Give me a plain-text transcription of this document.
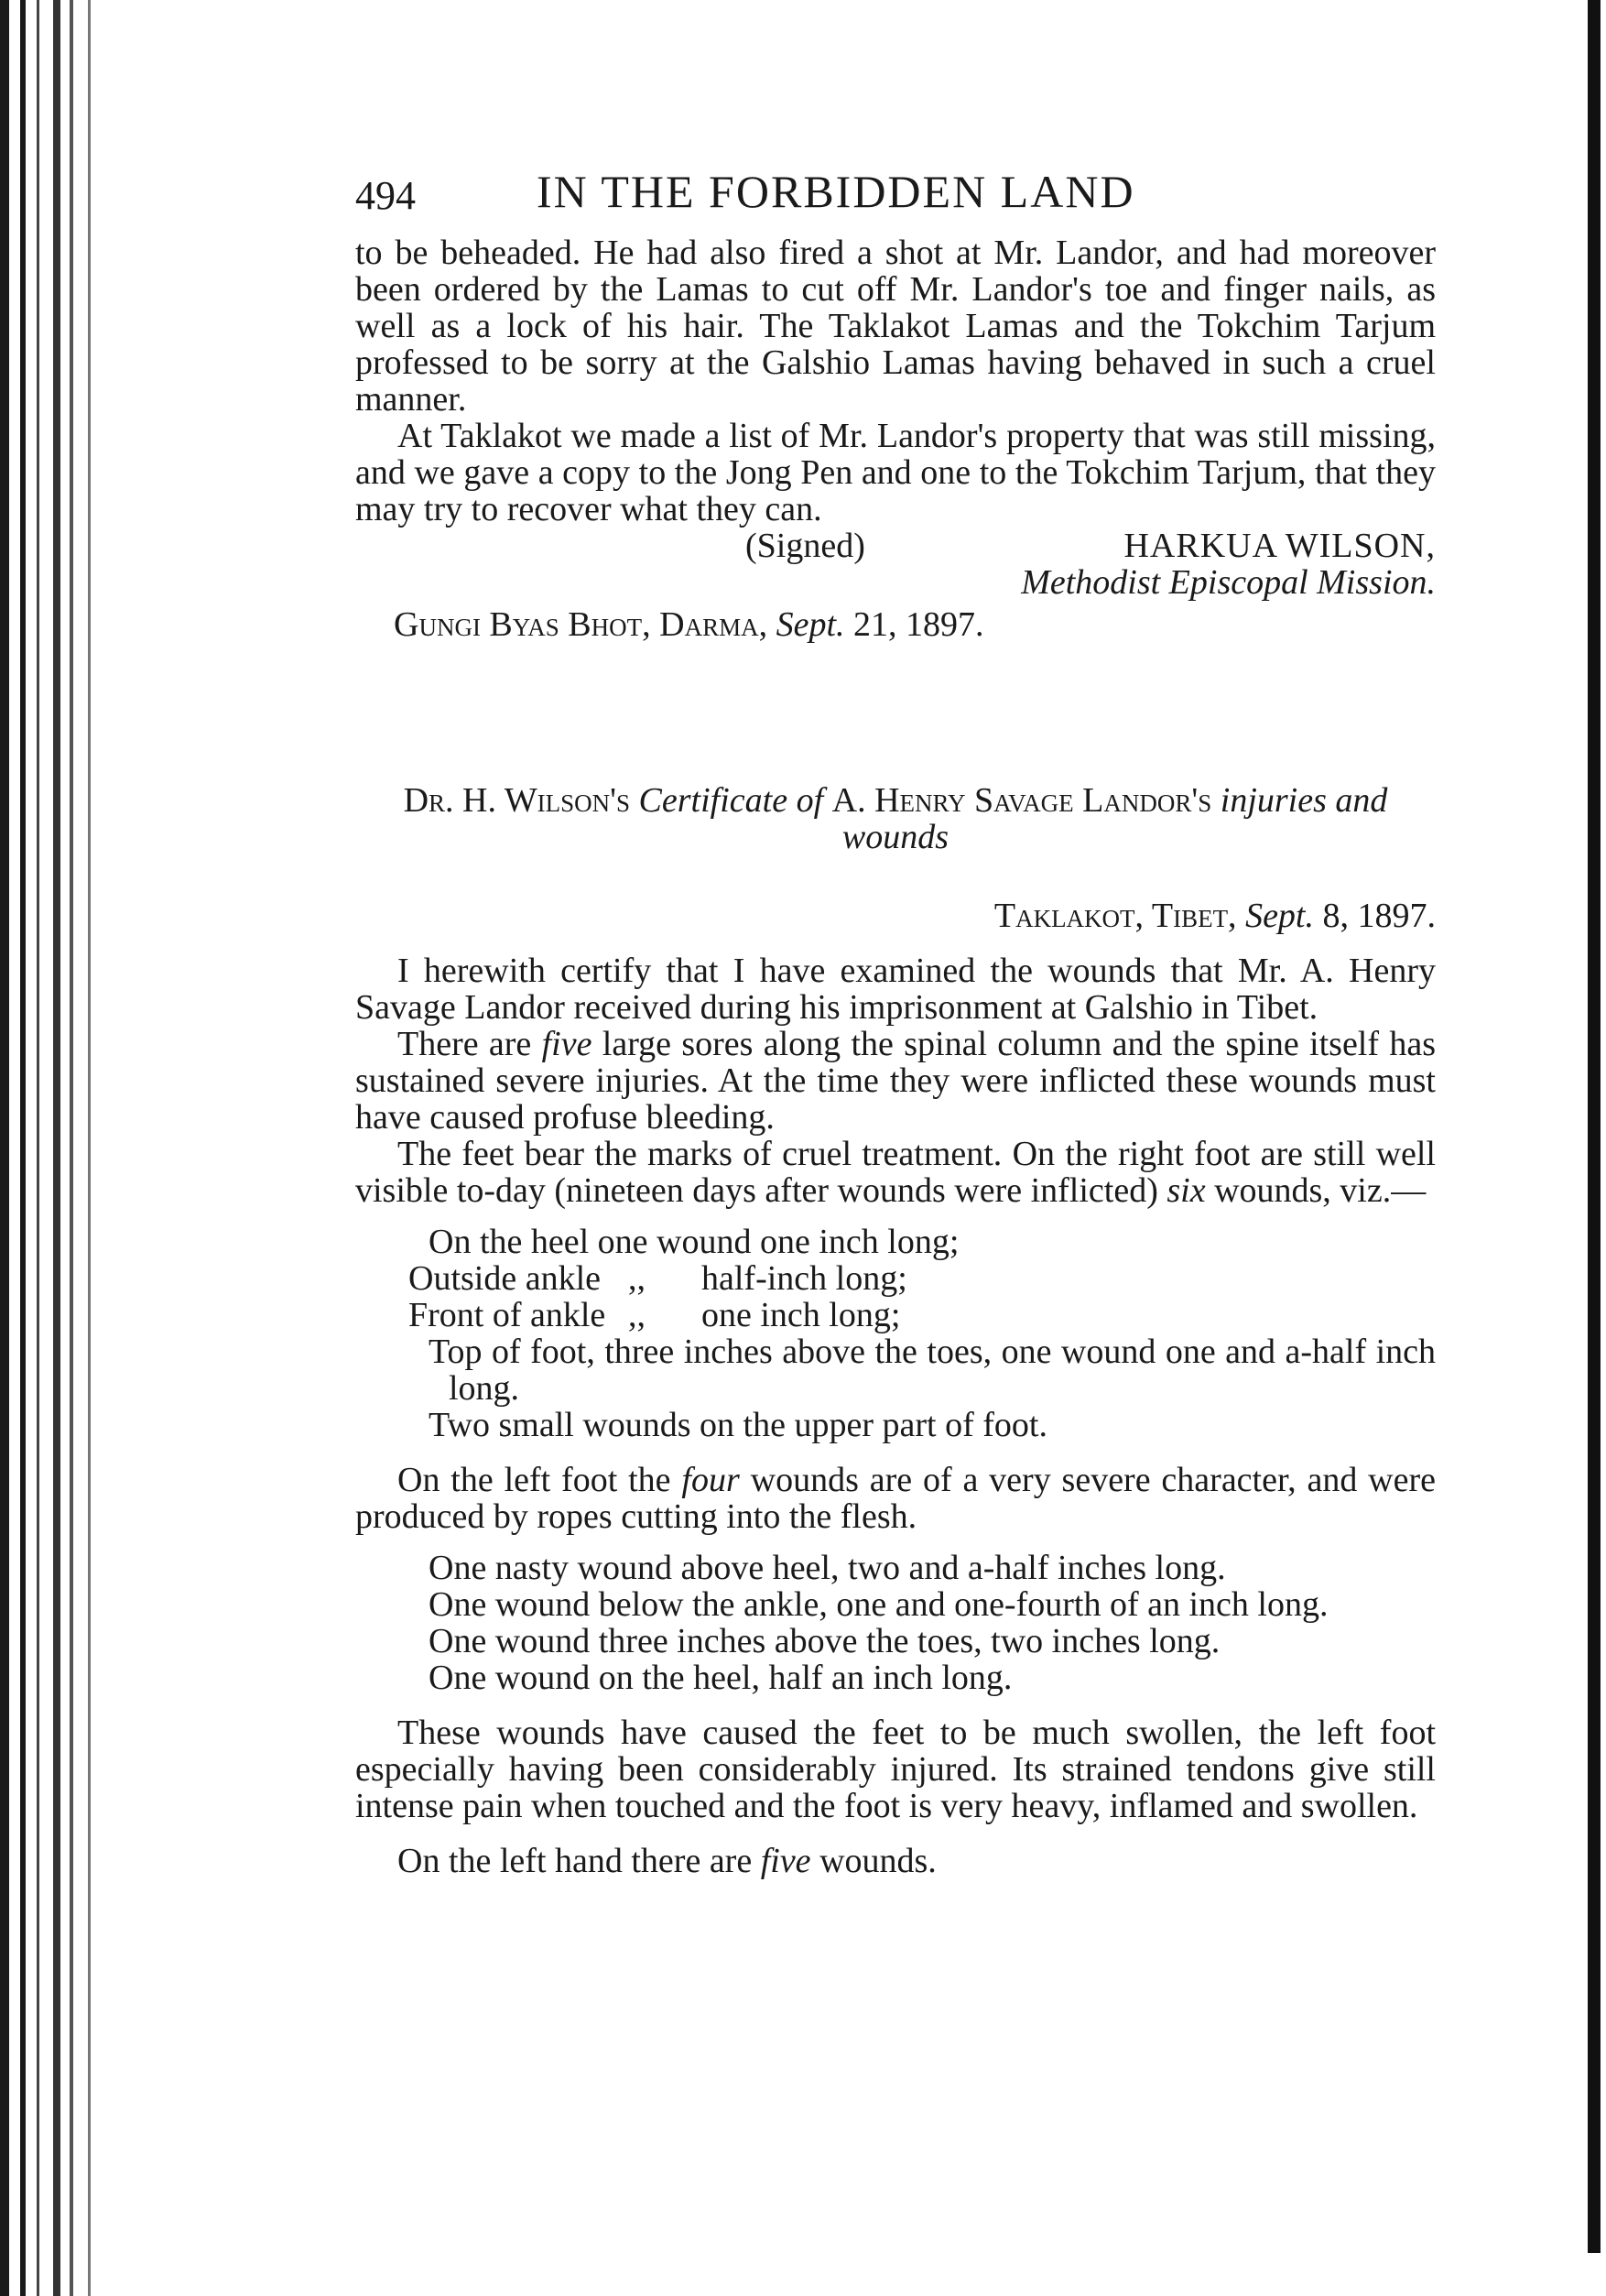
494	IN THE FORBIDDEN LAND

to be beheaded. He had also fired a shot at Mr. Landor, and had moreover been ordered by the Lamas to cut off Mr. Landor's toe and finger nails, as well as a lock of his hair. The Taklakot Lamas and the Tokchim Tarjum professed to be sorry at the Galshio Lamas having behaved in such a cruel manner.

At Taklakot we made a list of Mr. Landor's property that was still missing, and we gave a copy to the Jong Pen and one to the Tokchim Tarjum, that they may try to recover what they can.

(Signed)	HARKUA WILSON,
Methodist Episcopal Mission.
Gungi Byas Bhot, Darma, Sept. 21, 1897.
Dr. H. Wilson's Certificate of A. Henry Savage Landor's injuries and wounds
Taklakot, Tibet, Sept. 8, 1897.

I herewith certify that I have examined the wounds that Mr. A. Henry Savage Landor received during his imprisonment at Galshio in Tibet.

There are five large sores along the spinal column and the spine itself has sustained severe injuries. At the time they were inflicted these wounds must have caused profuse bleeding.

The feet bear the marks of cruel treatment. On the right foot are still well visible to-day (nineteen days after wounds were inflicted) six wounds, viz.—

On the heel one wound one inch long;
Outside ankle ,, half-inch long;
Front of ankle ,, one inch long;
Top of foot, three inches above the toes, one wound one and a-half inch long.
Two small wounds on the upper part of foot.

On the left foot the four wounds are of a very severe character, and were produced by ropes cutting into the flesh.

One nasty wound above heel, two and a-half inches long.
One wound below the ankle, one and one-fourth of an inch long.
One wound three inches above the toes, two inches long.
One wound on the heel, half an inch long.

These wounds have caused the feet to be much swollen, the left foot especially having been considerably injured. Its strained tendons give still intense pain when touched and the foot is very heavy, inflamed and swollen.

On the left hand there are five wounds.
